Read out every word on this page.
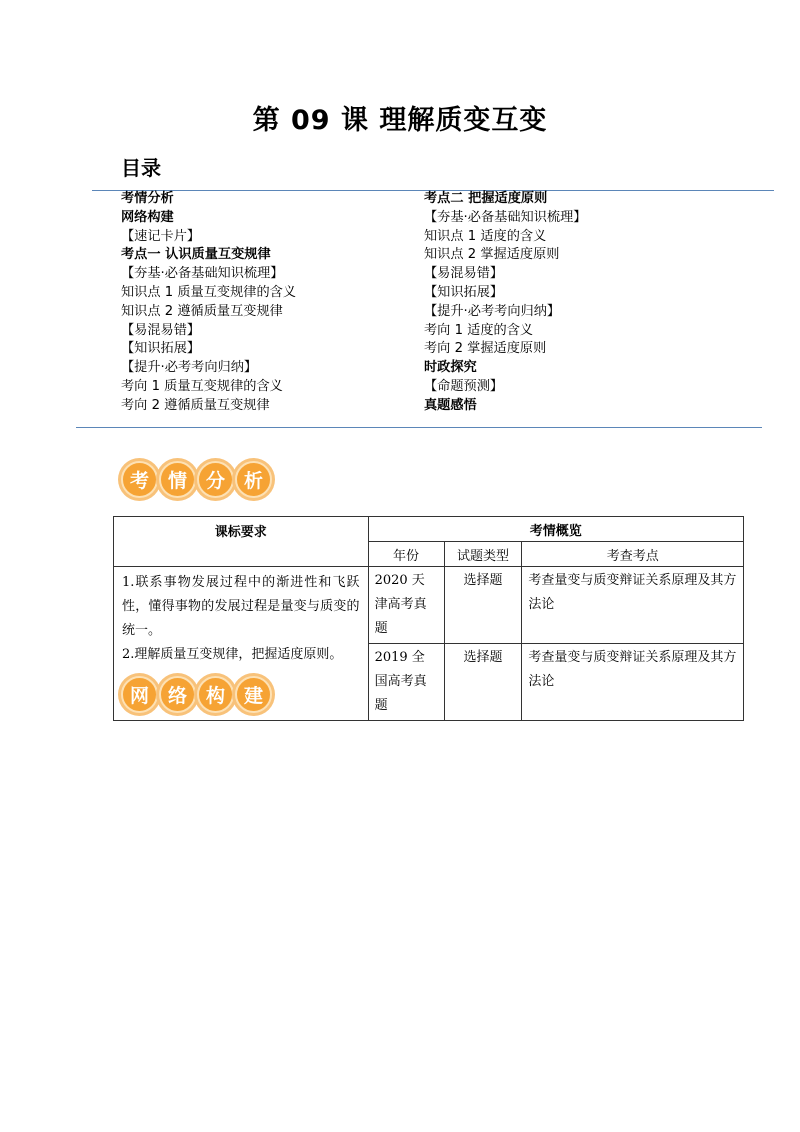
第 09 课 理解质变互变
目录
考情分析
网络构建
【速记卡片】
考点一 认识质量互变规律
【夯基·必备基础知识梳理】
知识点 1 质量互变规律的含义
知识点 2 遵循质量互变规律
【易混易错】
【知识拓展】
【提升·必考考向归纳】
考向 1 质量互变规律的含义
考向 2 遵循质量互变规律
考点二 把握适度原则
【夯基·必备基础知识梳理】
知识点 1 适度的含义
知识点 2 掌握适度原则
【易混易错】
【知识拓展】
【提升·必考考向归纳】
考向 1 适度的含义
考向 2 掌握适度原则
时政探究
【命题预测】
真题感悟
考 情 分 析
课标要求	考情概览		
	年份	试题类型	考查考点
1.联系事物发展过程中的渐进性和飞跃性，懂得事物的发展过程是量变与质变的统一。
2.理解质量互变规律，把握适度原则。	2020 天津高考真题	选择题	考查量变与质变辩证关系原理及其方法论
	2019 全国高考真题	选择题	考查量变与质变辩证关系原理及其方法论
网 络 构 建
